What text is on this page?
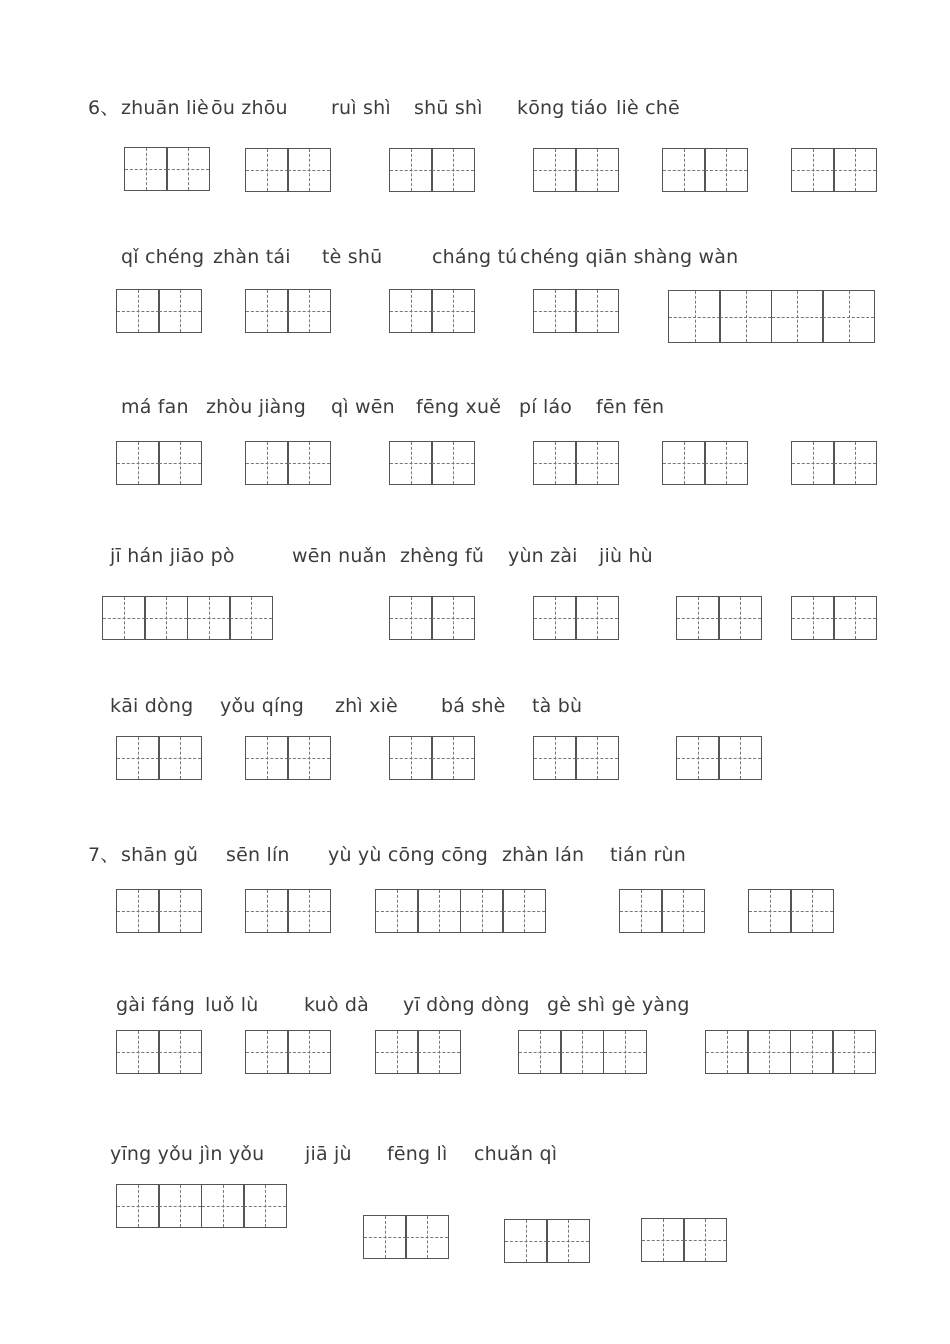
6、 zhuān liè ōu zhōu ruì shì shū shì kōng tiáo liè chē
qǐ chéng zhàn tái tè shū	cháng tú chéng qiān shàng wàn
má fan zhòu jiàng qì wēn fēng xuě pí láo fēn fēn
jī hán jiāo pò	wēn nuǎn zhèng fǔ yùn zài jiù hù
kāi dòng yǒu qíng zhì xiè bá shè tà bù
7、 shān gǔ sēn lín yù yù cōng cōng zhàn lán tián rùn
gài fáng luǒ lù kuò dà yī dòng dòng gè shì gè yàng
yīng yǒu jìn yǒu jiā jù fēng lì chuǎn qì
